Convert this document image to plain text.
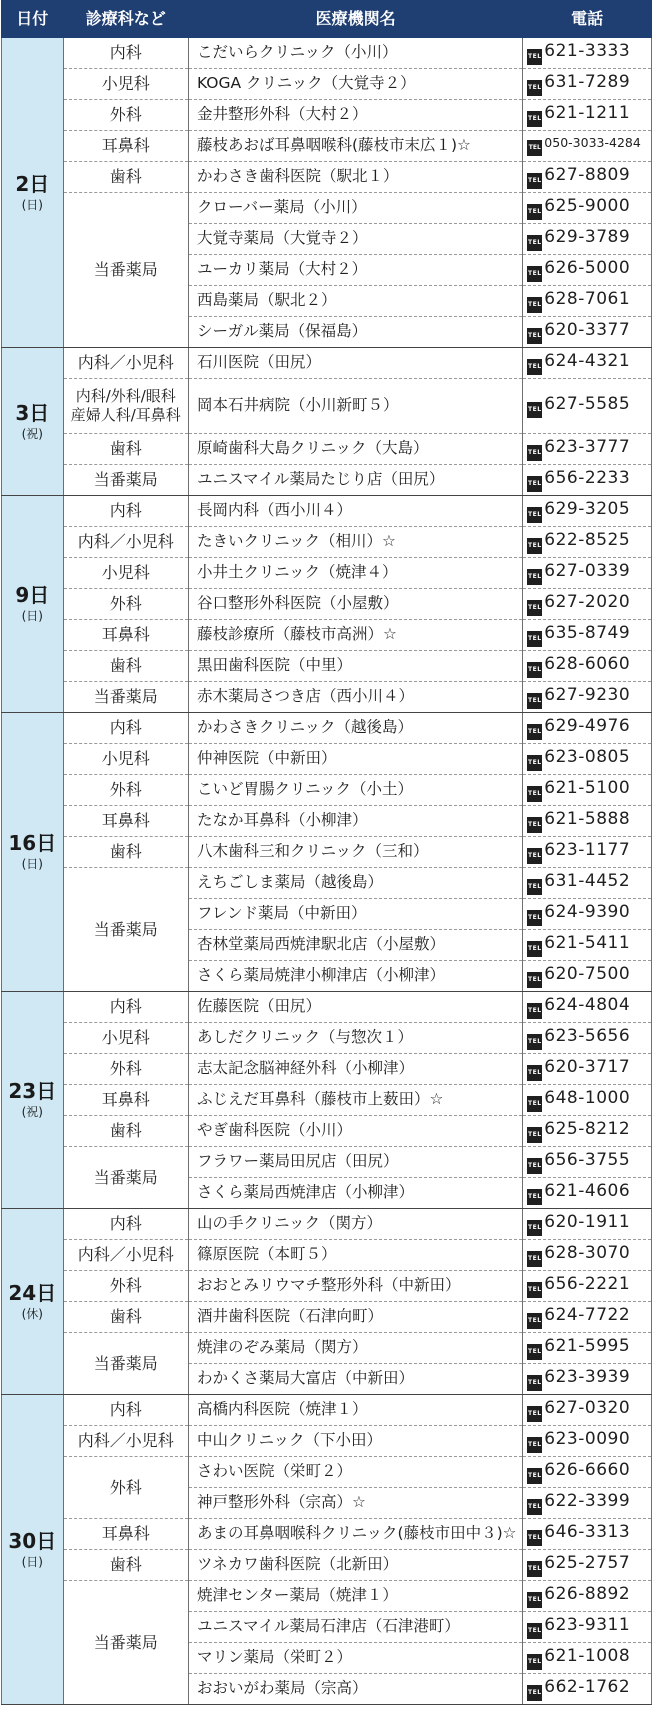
日付	診療科など	医療機関名	電話
2日
(日)	内科	こだいらクリニック（小川）	TEL 621-3333
	小児科	KOGA クリニック（大覚寺２）	TEL 631-7289
	外科	金井整形外科（大村２）	TEL 621-1211
	耳鼻科	藤枝あおば耳鼻咽喉科(藤枝市末広１)☆	TEL 050-3033-4284
	歯科	かわさき歯科医院（駅北１）	TEL 627-8809
	当番薬局	クローバー薬局（小川）	TEL 625-9000
		大覚寺薬局（大覚寺２）	TEL 629-3789
		ユーカリ薬局（大村２）	TEL 626-5000
		西島薬局（駅北２）	TEL 628-7061
		シーガル薬局（保福島）	TEL 620-3377
3日
(祝)	内科／小児科	石川医院（田尻）	TEL 624-4321
	内科/外科/眼科
産婦人科/耳鼻科	岡本石井病院（小川新町５）	TEL 627-5585
	歯科	原崎歯科大島クリニック（大島）	TEL 623-3777
	当番薬局	ユニスマイル薬局たじり店（田尻）	TEL 656-2233
9日
(日)	内科	長岡内科（西小川４）	TEL 629-3205
	内科／小児科	たきいクリニック（相川）☆	TEL 622-8525
	小児科	小井土クリニック（焼津４）	TEL 627-0339
	外科	谷口整形外科医院（小屋敷）	TEL 627-2020
	耳鼻科	藤枝診療所（藤枝市高洲）☆	TEL 635-8749
	歯科	黒田歯科医院（中里）	TEL 628-6060
	当番薬局	赤木薬局さつき店（西小川４）	TEL 627-9230
16日
(日)	内科	かわさきクリニック（越後島）	TEL 629-4976
	小児科	仲神医院（中新田）	TEL 623-0805
	外科	こいど胃腸クリニック（小土）	TEL 621-5100
	耳鼻科	たなか耳鼻科（小柳津）	TEL 621-5888
	歯科	八木歯科三和クリニック（三和）	TEL 623-1177
	当番薬局	えちごしま薬局（越後島）	TEL 631-4452
		フレンド薬局（中新田）	TEL 624-9390
		杏林堂薬局西焼津駅北店（小屋敷）	TEL 621-5411
		さくら薬局焼津小柳津店（小柳津）	TEL 620-7500
23日
(祝)	内科	佐藤医院（田尻）	TEL 624-4804
	小児科	あしだクリニック（与惣次１）	TEL 623-5656
	外科	志太記念脳神経外科（小柳津）	TEL 620-3717
	耳鼻科	ふじえだ耳鼻科（藤枝市上薮田）☆	TEL 648-1000
	歯科	やぎ歯科医院（小川）	TEL 625-8212
	当番薬局	フラワー薬局田尻店（田尻）	TEL 656-3755
		さくら薬局西焼津店（小柳津）	TEL 621-4606
24日
(休)	内科	山の手クリニック（関方）	TEL 620-1911
	内科／小児科	篠原医院（本町５）	TEL 628-3070
	外科	おおとみリウマチ整形外科（中新田）	TEL 656-2221
	歯科	酒井歯科医院（石津向町）	TEL 624-7722
	当番薬局	焼津のぞみ薬局（関方）	TEL 621-5995
		わかくさ薬局大富店（中新田）	TEL 623-3939
30日
(日)	内科	高橋内科医院（焼津１）	TEL 627-0320
	内科／小児科	中山クリニック（下小田）	TEL 623-0090
	外科	さわい医院（栄町２）	TEL 626-6660
		神戸整形外科（宗高）☆	TEL 622-3399
	耳鼻科	あまの耳鼻咽喉科クリニック(藤枝市田中３)☆	TEL 646-3313
	歯科	ツネカワ歯科医院（北新田）	TEL 625-2757
	当番薬局	焼津センター薬局（焼津１）	TEL 626-8892
		ユニスマイル薬局石津店（石津港町）	TEL 623-9311
		マリン薬局（栄町２）	TEL 621-1008
		おおいがわ薬局（宗高）	TEL 662-1762
